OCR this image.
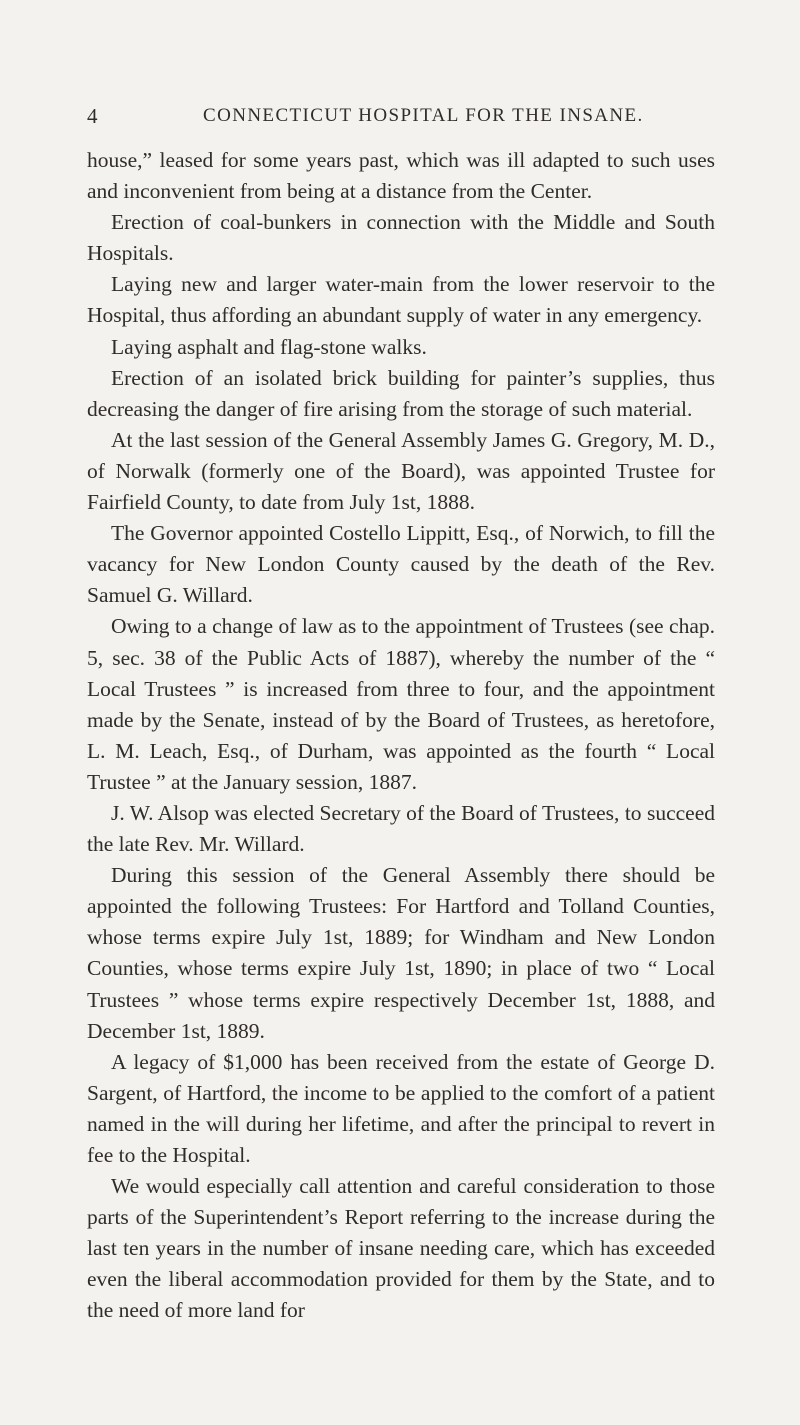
4	CONNECTICUT HOSPITAL FOR THE INSANE.

house,” leased for some years past, which was ill adapted to such uses and inconvenient from being at a distance from the Center.

Erection of coal-bunkers in connection with the Middle and South Hospitals.

Laying new and larger water-main from the lower reservoir to the Hospital, thus affording an abundant supply of water in any emergency.

Laying asphalt and flag-stone walks.

Erection of an isolated brick building for painter’s supplies, thus decreasing the danger of fire arising from the storage of such material.

At the last session of the General Assembly James G. Gregory, M. D., of Norwalk (formerly one of the Board), was appointed Trustee for Fairfield County, to date from July 1st, 1888.

The Governor appointed Costello Lippitt, Esq., of Norwich, to fill the vacancy for New London County caused by the death of the Rev. Samuel G. Willard.

Owing to a change of law as to the appointment of Trustees (see chap. 5, sec. 38 of the Public Acts of 1887), whereby the number of the “ Local Trustees ” is increased from three to four, and the appointment made by the Senate, instead of by the Board of Trustees, as heretofore, L. M. Leach, Esq., of Durham, was appointed as the fourth “ Local Trustee ” at the January session, 1887.

J. W. Alsop was elected Secretary of the Board of Trustees, to succeed the late Rev. Mr. Willard.

During this session of the General Assembly there should be appointed the following Trustees: For Hartford and Tolland Counties, whose terms expire July 1st, 1889; for Windham and New London Counties, whose terms expire July 1st, 1890; in place of two “ Local Trustees ” whose terms expire respectively December 1st, 1888, and December 1st, 1889.

A legacy of $1,000 has been received from the estate of George D. Sargent, of Hartford, the income to be applied to the comfort of a patient named in the will during her lifetime, and after the principal to revert in fee to the Hospital.

We would especially call attention and careful consideration to those parts of the Superintendent’s Report referring to the increase during the last ten years in the number of insane needing care, which has exceeded even the liberal accommodation provided for them by the State, and to the need of more land for
